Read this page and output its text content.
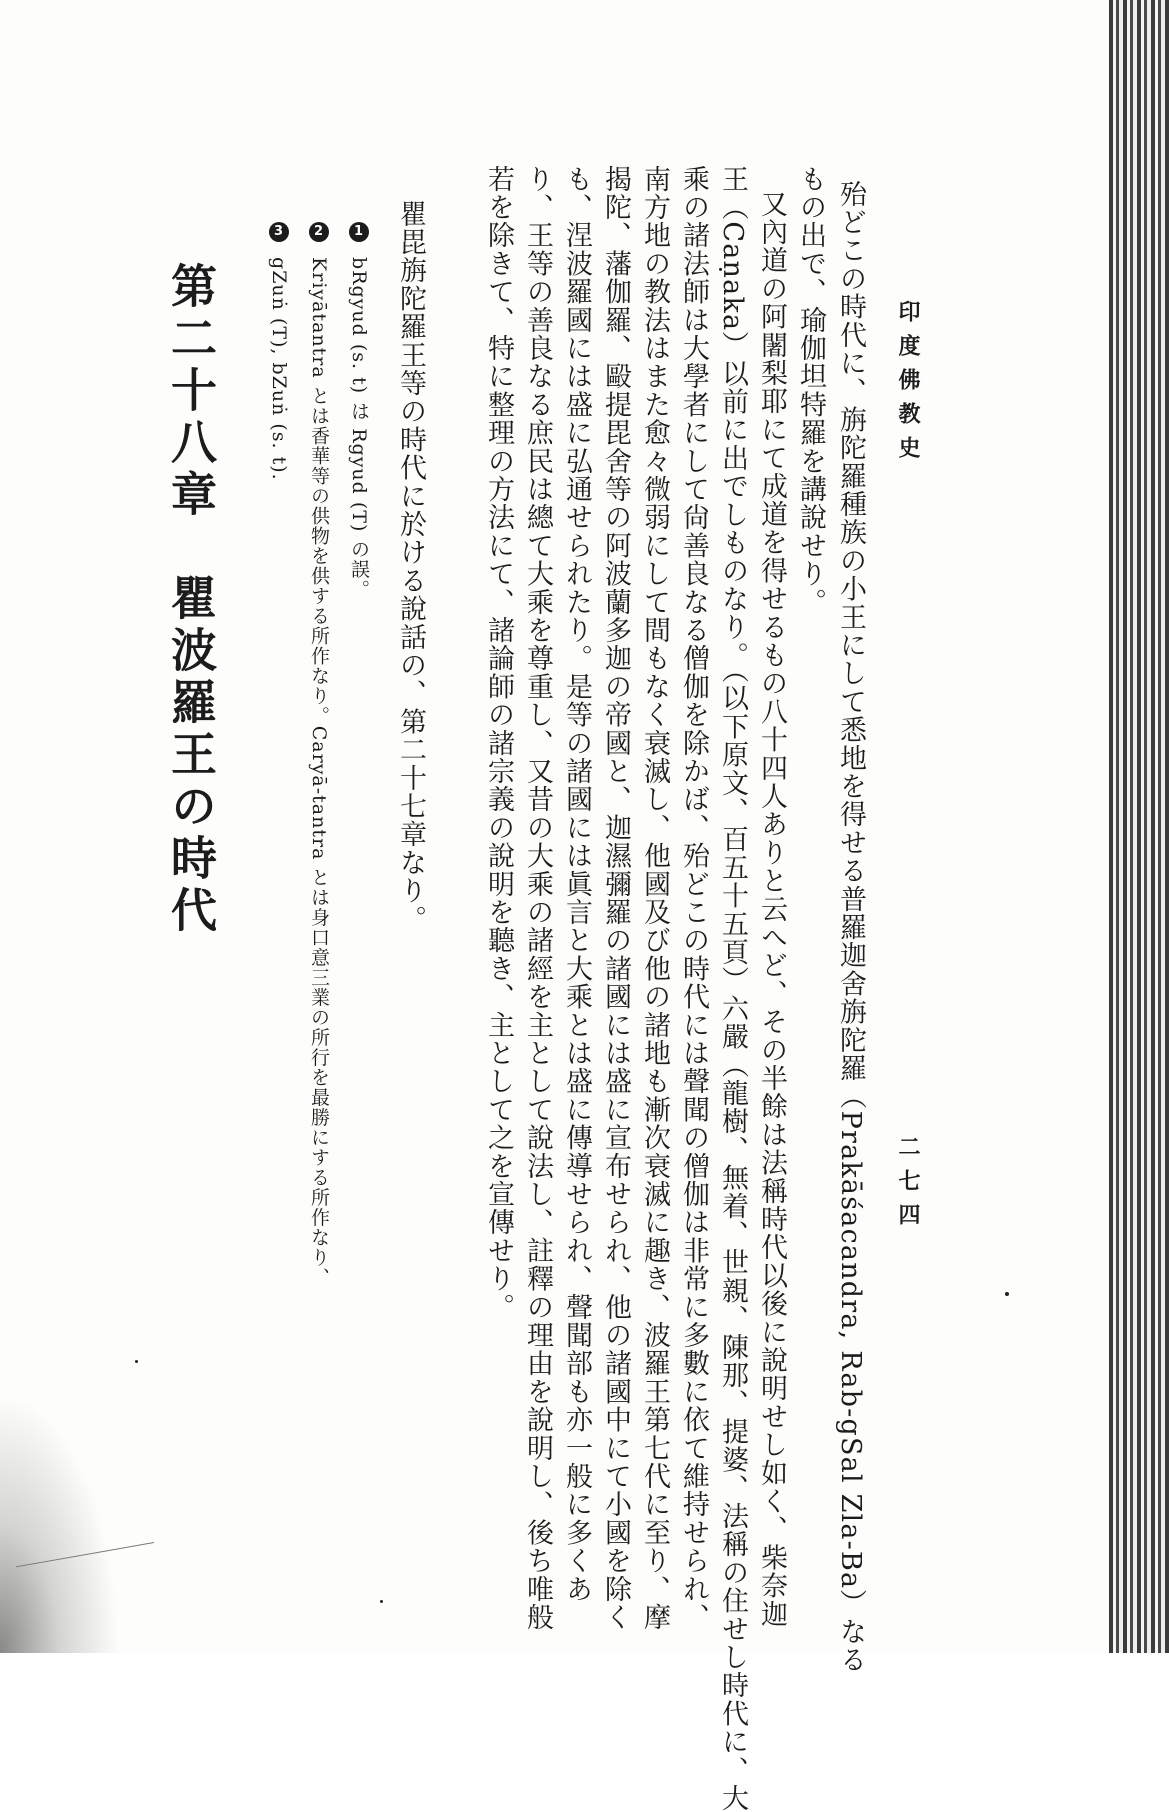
印度佛教史
二七四
殆どこの時代に、旃陀羅種族の小王にして悉地を得せる普羅迦舍旃陀羅（Prakāśacandra, Rab-gSal Zla-Ba）なる
もの出で、瑜伽坦特羅を講說せり。
又內道の阿闍梨耶にて成道を得せるもの八十四人ありと云へど、その半餘は法稱時代以後に說明せし如く、柴奈迦
王（Caṇaka）以前に出でしものなり。（以下原文、百五十五頁）六嚴（龍樹、無着、世親、陳那、提婆、法稱の住せし時代に、大
乘の諸法師は大學者にして尙善良なる僧伽を除かば、殆どこの時代には聲聞の僧伽は非常に多數に依て維持せられ、
南方地の教法はまた愈々微弱にして間もなく衰滅し、他國及び他の諸地も漸次衰滅に趣き、波羅王第七代に至り、摩
揭陀、藩伽羅、毆提毘舍等の阿波蘭多迦の帝國と、迦濕彌羅の諸國には盛に宣布せられ、他の諸國中にて小國を除く
も、涅波羅國には盛に弘通せられたり。是等の諸國には眞言と大乘とは盛に傳導せられ、聲聞部も亦一般に多くあ
り、王等の善良なる庶民は總て大乘を尊重し、又昔の大乘の諸經を主として說法し、註釋の理由を說明し、後ち唯般
若を除きて、特に整理の方法にて、諸論師の諸宗義の說明を聽き、主として之を宣傳せり。
瞿毘旃陀羅王等の時代に於ける說話の、第二十七章なり。
1 bRgyud (s. t) は Rgyud (T) の誤。
2 Kriyātantra とは香華等の供物を供する所作なり。Caryā-tantra とは身口意三業の所行を最勝にする所作なり、
3 gZuṅ (T), bZuṅ (s. t).
第二十八章　瞿波羅王の時代
